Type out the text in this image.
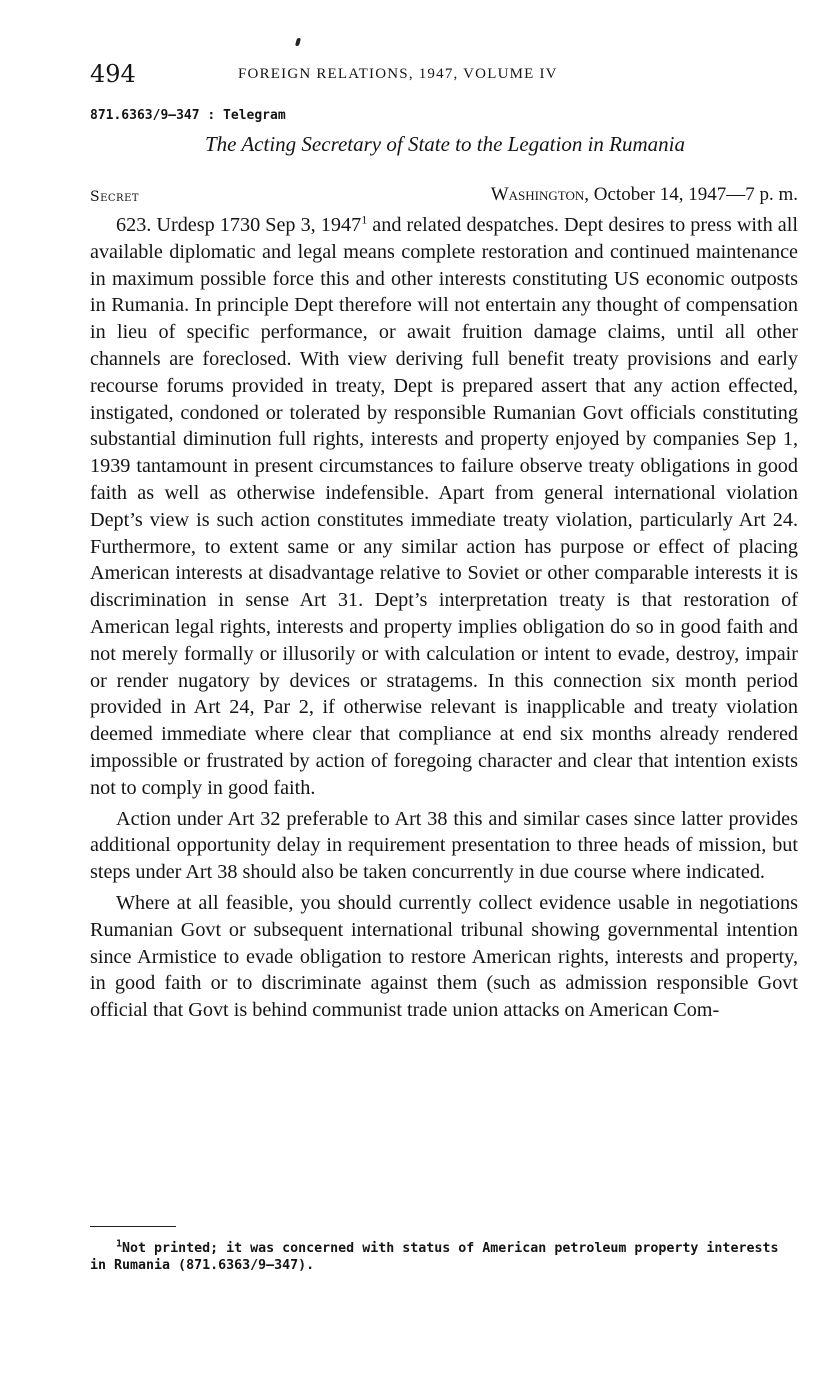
494	FOREIGN RELATIONS, 1947, VOLUME IV
871.6363/9–347 : Telegram
The Acting Secretary of State to the Legation in Rumania
Secret	Washington, October 14, 1947—7 p. m.

623. Urdesp 1730 Sep 3, 1947$^1$ and related despatches. Dept desires to press with all available diplomatic and legal means complete restoration and continued maintenance in maximum possible force this and other interests constituting US economic outposts in Rumania. In principle Dept therefore will not entertain any thought of compensation in lieu of specific performance, or await fruition damage claims, until all other channels are foreclosed. With view deriving full benefit treaty provisions and early recourse forums provided in treaty, Dept is prepared assert that any action effected, instigated, condoned or tolerated by responsible Rumanian Govt officials constituting substantial diminution full rights, interests and property enjoyed by companies Sep 1, 1939 tantamount in present circumstances to failure observe treaty obligations in good faith as well as otherwise indefensible. Apart from general international violation Dept’s view is such action constitutes immediate treaty violation, particularly Art 24. Furthermore, to extent same or any similar action has purpose or effect of placing American interests at disadvantage relative to Soviet or other comparable interests it is discrimination in sense Art 31. Dept’s interpretation treaty is that restoration of American legal rights, interests and property implies obligation do so in good faith and not merely formally or illusorily or with calculation or intent to evade, destroy, impair or render nugatory by devices or stratagems. In this connection six month period provided in Art 24, Par 2, if otherwise relevant is inapplicable and treaty violation deemed immediate where clear that compliance at end six months already rendered impossible or frustrated by action of foregoing character and clear that intention exists not to comply in good faith.

Action under Art 32 preferable to Art 38 this and similar cases since latter provides additional opportunity delay in requirement presentation to three heads of mission, but steps under Art 38 should also be taken concurrently in due course where indicated.

Where at all feasible, you should currently collect evidence usable in negotiations Rumanian Govt or subsequent international tribunal showing governmental intention since Armistice to evade obligation to restore American rights, interests and property, in good faith or to discriminate against them (such as admission responsible Govt official that Govt is behind communist trade union attacks on American Com-

$^1$Not printed; it was concerned with status of American petroleum property interests in Rumania (871.6363/9–347).
